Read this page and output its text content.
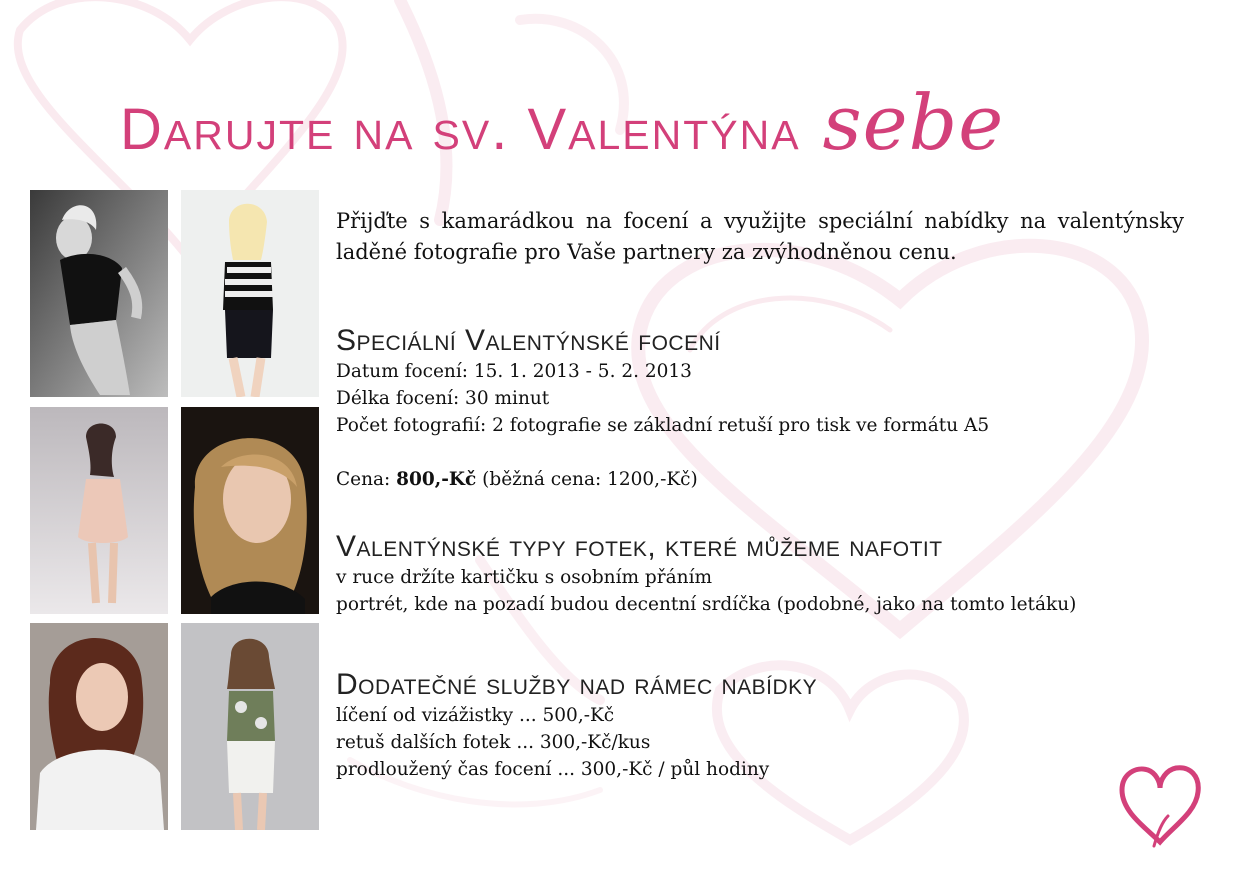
Darujte na sv. Valentýna sebe

Přijďte s kamarádkou na focení a využijte speciální nabídky na valentýnsky laděné fotografie pro Vaše partnery za zvýhodněnou cenu.

Speciální Valentýnské focení

Datum focení: 15. 1. 2013 - 5. 2. 2013

Délka focení: 30 minut

Počet fotografií: 2 fotografie se základní retuší pro tisk ve formátu A5

Cena: 800,-Kč (běžná cena: 1200,-Kč)

Valentýnské typy fotek, které můžeme nafotit

v ruce držíte kartičku s osobním přáním

portrét, kde na pozadí budou decentní srdíčka (podobné, jako na tomto letáku)

Dodatečné služby nad rámec nabídky

líčení od vizážistky ... 500,-Kč

retuš dalších fotek ... 300,-Kč/kus

prodloužený čas focení ... 300,-Kč / půl hodiny
